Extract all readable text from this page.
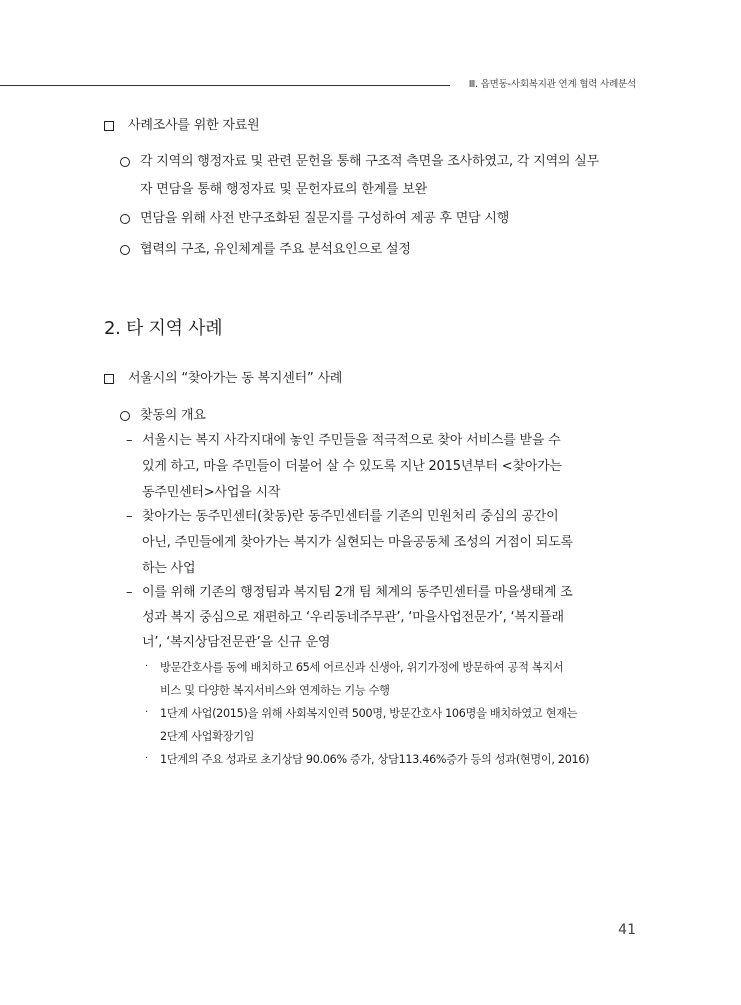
Ⅲ. 읍면동-사회복지관 연계 협력 사례분석
사례조사를 위한 자료원
각 지역의 행정자료 및 관련 문헌을 통해 구조적 측면을 조사하였고, 각 지역의 실무
자 면담을 통해 행정자료 및 문헌자료의 한계를 보완
면담을 위해 사전 반구조화된 질문지를 구성하여 제공 후 면담 시행
협력의 구조, 유인체계를 주요 분석요인으로 설정
2. 타 지역 사례
서울시의 “찾아가는 동 복지센터” 사례
찾동의 개요
– 서울시는 복지 사각지대에 놓인 주민들을 적극적으로 찾아 서비스를 받을 수
있게 하고, 마을 주민들이 더불어 살 수 있도록 지난 2015년부터 <찾아가는
동주민센터>사업을 시작
– 찾아가는 동주민센터(찾동)란 동주민센터를 기존의 민원처리 중심의 공간이
아닌, 주민들에게 찾아가는 복지가 실현되는 마을공동체 조성의 거점이 되도록
하는 사업
– 이를 위해 기존의 행정팀과 복지팀 2개 팀 체계의 동주민센터를 마을생태계 조
성과 복지 중심으로 재편하고 ‘우리동네주무관’, ‘마을사업전문가’, ‘복지플래
너’, ‘복지상담전문관’을 신규 운영
· 방문간호사를 동에 배치하고 65세 어르신과 신생아, 위기가정에 방문하여 공적 복지서
비스 및 다양한 복지서비스와 연계하는 기능 수행
· 1단계 사업(2015)을 위해 사회복지인력 500명, 방문간호사 106명을 배치하였고 현재는
2단계 사업확장기임
· 1단계의 주요 성과로 초기상담 90.06% 증가, 상담113.46%증가 등의 성과(현명이, 2016)
41
